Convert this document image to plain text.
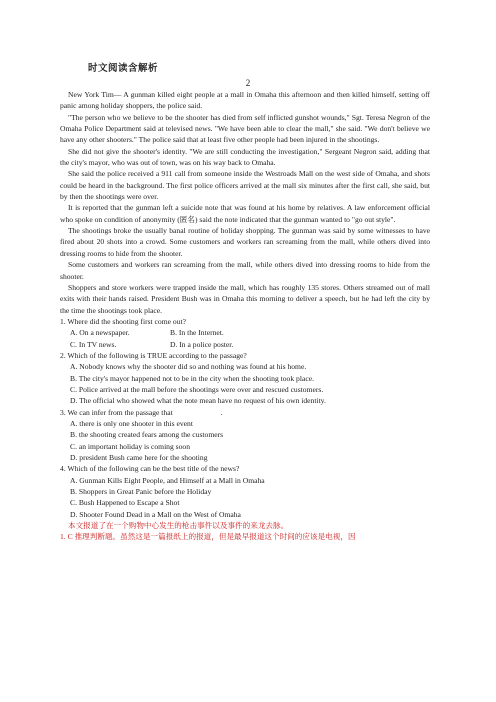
时文阅读含解析
2

New York Tim— A gunman killed eight people at a mall in Omaha this afternoon and then killed himself, setting off panic among holiday shoppers, the police said.

"The person who we believe to be the shooter has died from self inflicted gunshot wounds," Sgt. Teresa Negron of the Omaha Police Department said at televised news. "We have been able to clear the mall," she said. "We don't believe we have any other shooters." The police said that at least five other people had been injured in the shootings.

She did not give the shooter's identity. "We are still conducting the investigation," Sergeant Negron said, adding that the city's mayor, who was out of town, was on his way back to Omaha.

She said the police received a 911 call from someone inside the Westroads Mall on the west side of Omaha, and shots could be heard in the background. The first police officers arrived at the mall six minutes after the first call, she said, but by then the shootings were over.

It is reported that the gunman left a suicide note that was found at his home by relatives. A law enforcement official who spoke on condition of anonymity (匿名) said the note indicated that the gunman wanted to "go out style".

The shootings broke the usually banal routine of holiday shopping. The gunman was said by some witnesses to have fired about 20 shots into a crowd. Some customers and workers ran screaming from the mall, while others dived into dressing rooms to hide from the shooter.

Some customers and workers ran screaming from the mall, while others dived into dressing rooms to hide from the shooter.

Shoppers and store workers were trapped inside the mall, which has roughly 135 stores. Others streamed out of mall exits with their hands raised. President Bush was in Omaha this morning to deliver a speech, but he had left the city by the time the shootings took place.

1. Where did the shooting first come out?
A. On a newspaper.	B. In the Internet.
C. In TV news.	D. In a police poster.
2. Which of the following is TRUE according to the passage?
A. Nobody knows why the shooter did so and nothing was found at his home.
B. The city's mayor happened not to be in the city when the shooting took place.
C. Police arrived at the mall before the shootings were over and rescued customers.
D. The official who showed what the note mean have no request of his own identity.
3. We can infer from the passage that	.
A. there is only one shooter in this event
B. the shooting created fears among the customers
C. an important holiday is coming soon
D. president Bush came here for the shooting
4. Which of the following can be the best title of the news?
A. Gunman Kills Eight People, and Himself at a Mall in Omaha
B. Shoppers in Great Panic before the Holiday
C. Bush Happened to Escape a Shot
D. Shooter Found Dead in a Mall on the West of Omaha

本文报道了在一个购物中心发生的枪击事件以及事件的来龙去脉。

1. C 推理判断题。虽然这是一篇报纸上的报道，但是最早报道这个时间的应该是电视，因
